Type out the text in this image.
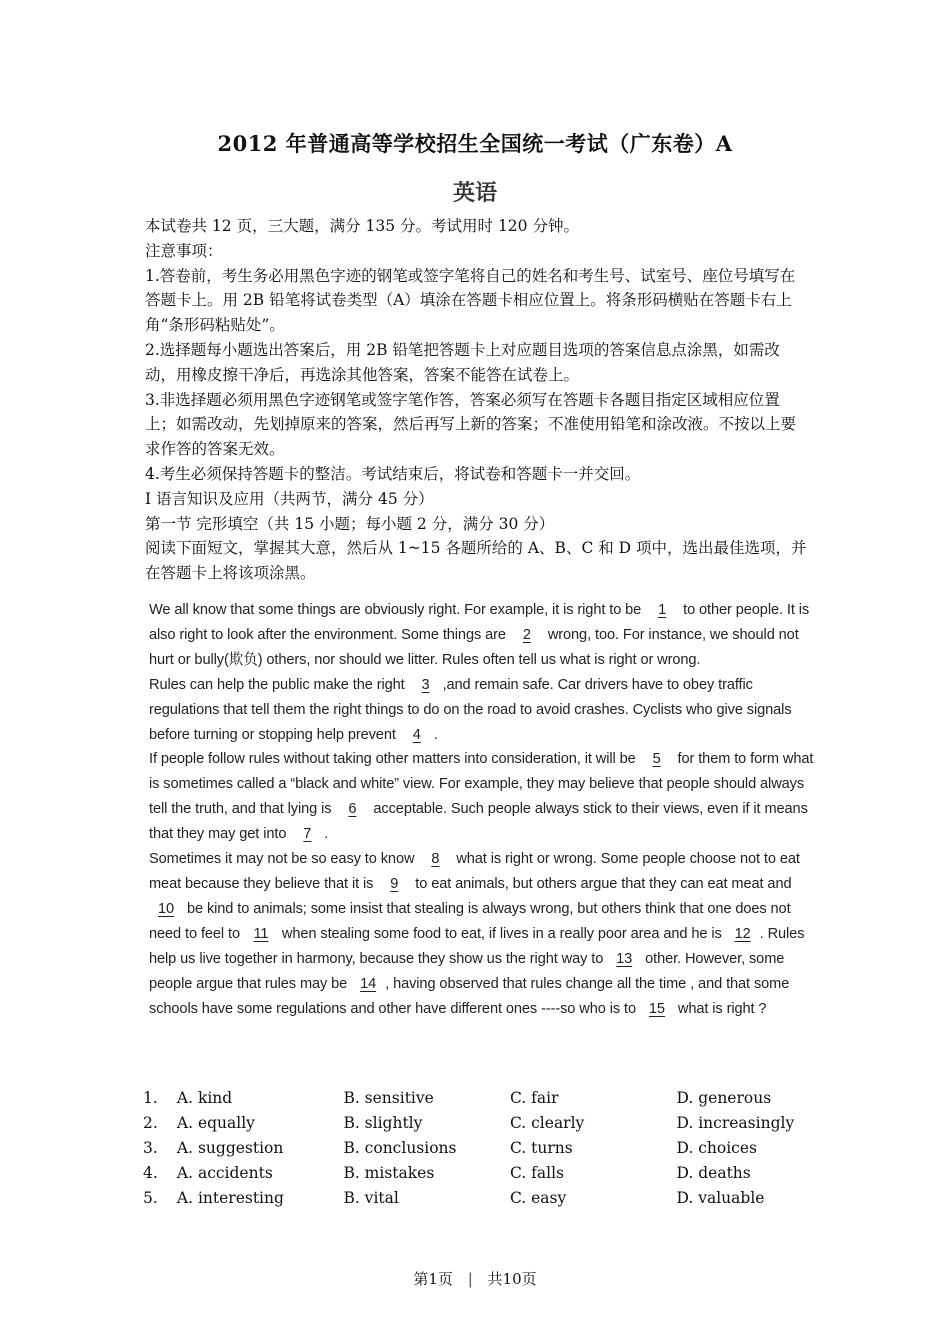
2012 年普通高等学校招生全国统一考试（广东卷）A
英语
本试卷共 12 页，三大题，满分 135 分。考试用时 120 分钟。
注意事项：
1.答卷前，考生务必用黑色字迹的钢笔或签字笔将自己的姓名和考生号、试室号、座位号填写在答题卡上。用 2B 铅笔将试卷类型（A）填涂在答题卡相应位置上。将条形码横贴在答题卡右上角“条形码粘贴处”。
2.选择题每小题选出答案后，用 2B 铅笔把答题卡上对应题目选项的答案信息点涂黑，如需改动，用橡皮擦干净后，再选涂其他答案，答案不能答在试卷上。
3.非选择题必须用黑色字迹钢笔或签字笔作答，答案必须写在答题卡各题目指定区域相应位置上；如需改动，先划掉原来的答案，然后再写上新的答案；不准使用铅笔和涂改液。不按以上要求作答的答案无效。
4.考生必须保持答题卡的整洁。考试结束后，将试卷和答题卡一并交回。
I 语言知识及应用（共两节，满分 45 分）
第一节 完形填空（共 15 小题；每小题 2 分，满分 30 分）
阅读下面短文，掌握其大意，然后从 1~15 各题所给的 A、B、C 和 D 项中，选出最佳选项，并在答题卡上将该项涂黑。
We all know that some things are obviously right. For example, it is right to be 1 to other people. It is also right to look after the environment. Some things are 2 wrong, too. For instance, we should not hurt or bully(欺负) others, nor should we litter. Rules often tell us what is right or wrong.
Rules can help the public make the right 3 ,and remain safe. Car drivers have to obey traffic regulations that tell them the right things to do on the road to avoid crashes. Cyclists who give signals before turning or stopping help prevent 4 .
If people follow rules without taking other matters into consideration, it will be 5 for them to form what is sometimes called a “black and white” view. For example, they may believe that people should always tell the truth, and that lying is 6 acceptable. Such people always stick to their views, even if it means that they may get into 7 .
Sometimes it may not be so easy to know 8 what is right or wrong. Some people choose not to eat meat because they believe that it is 9 to eat animals, but others argue that they can eat meat and 10 be kind to animals; some insist that stealing is always wrong, but others think that one does not need to feel to 11 when stealing some food to eat, if lives in a really poor area and he is 12 . Rules help us live together in harmony, because they show us the right way to 13 other. However, some people argue that rules may be 14 , having observed that rules change all the time , and that some schools have some regulations and other have different ones ----so who is to 15 what is right ?
1.	A. kind	B. sensitive	C. fair	D. generous
2.	A. equally	B. slightly	C. clearly	D. increasingly
3.	A. suggestion	B. conclusions	C. turns	D. choices
4.	A. accidents	B. mistakes	C. falls	D. deaths
5.	A. interesting	B. vital	C. easy	D. valuable
第1页 | 共10页
